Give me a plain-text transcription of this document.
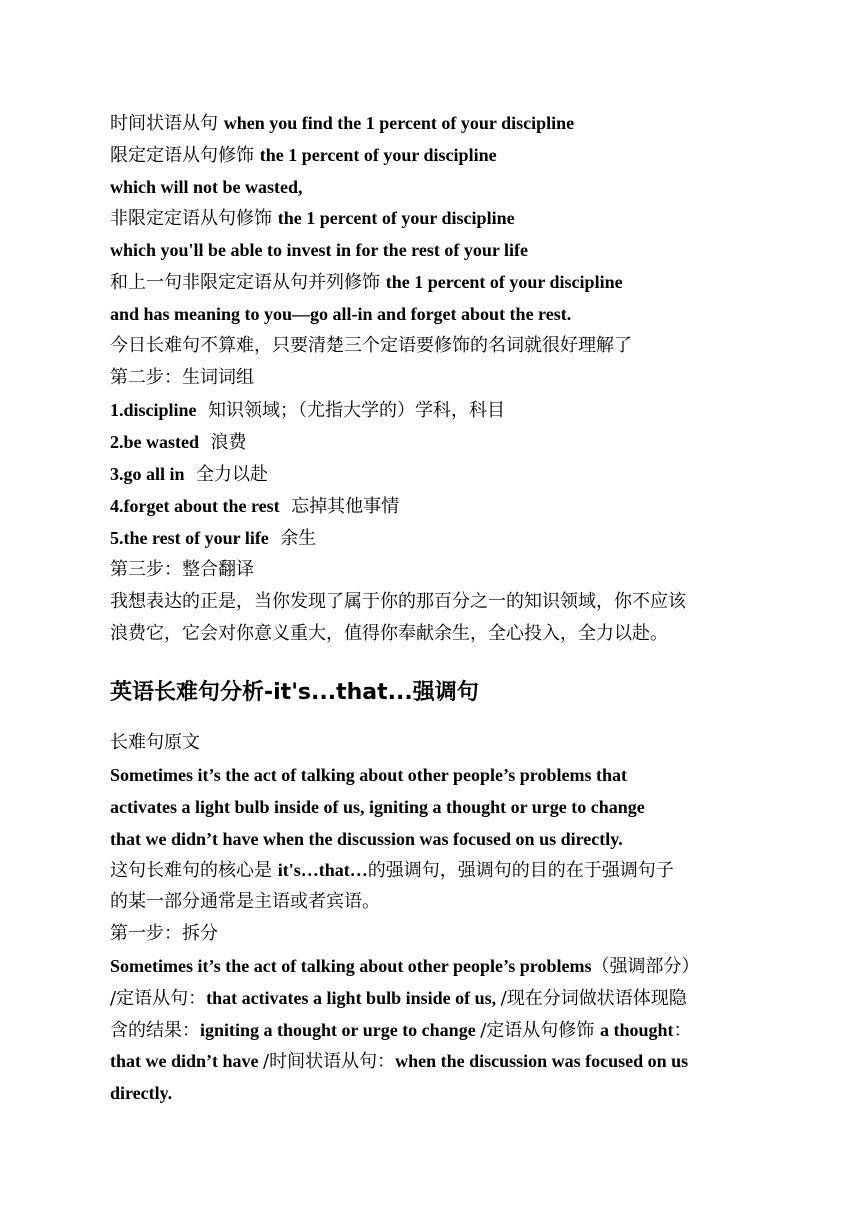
时间状语从句 when you find the 1 percent of your discipline
限定定语从句修饰 the 1 percent of your discipline
which will not be wasted,
非限定定语从句修饰 the 1 percent of your discipline
which you'll be able to invest in for the rest of your life
和上一句非限定定语从句并列修饰 the 1 percent of your discipline
and has meaning to you—go all-in and forget about the rest.
今日长难句不算难，只要清楚三个定语要修饰的名词就很好理解了
第二步：生词词组
1.discipline 知识领域；（尤指大学的）学科，科目
2.be wasted 浪费
3.go all in 全力以赴
4.forget about the rest 忘掉其他事情
5.the rest of your life 余生
第三步：整合翻译
我想表达的正是，当你发现了属于你的那百分之一的知识领域，你不应该
浪费它，它会对你意义重大，值得你奉献余生，全心投入，全力以赴。
英语长难句分析-it's...that...强调句
长难句原文
Sometimes it’s the act of talking about other people’s problems that
activates a light bulb inside of us, igniting a thought or urge to change
that we didn’t have when the discussion was focused on us directly.
这句长难句的核心是 it's…that…的强调句，强调句的目的在于强调句子
的某一部分通常是主语或者宾语。
第一步：拆分
Sometimes it’s the act of talking about other people’s problems（强调部分）
/定语从句：that activates a light bulb inside of us, /现在分词做状语体现隐
含的结果：igniting a thought or urge to change /定语从句修饰 a thought：
that we didn’t have /时间状语从句：when the discussion was focused on us
directly.
